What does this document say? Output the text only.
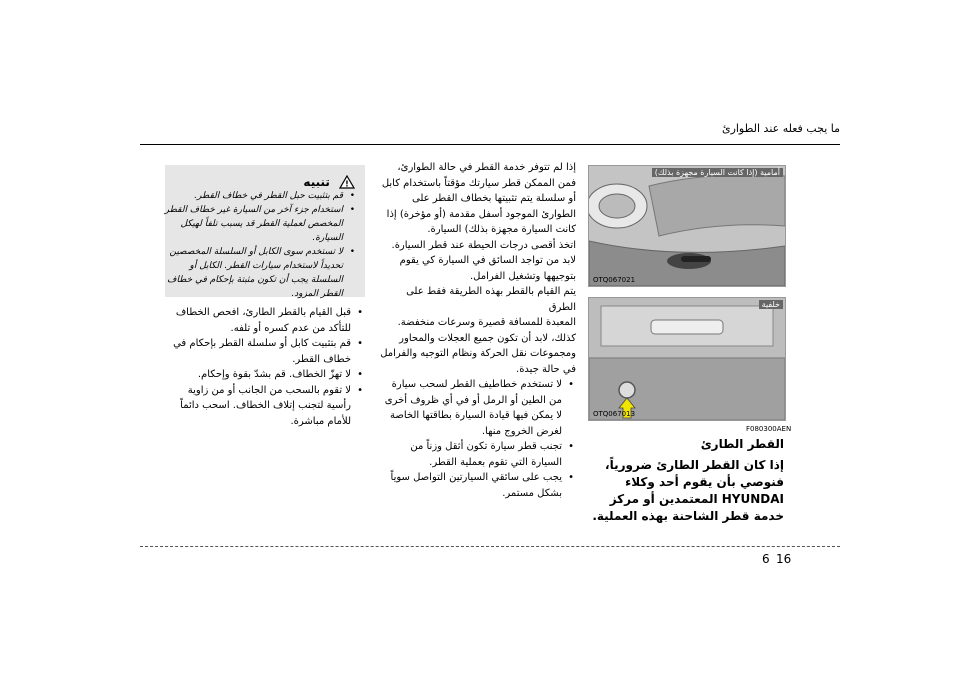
ما يجب فعله عند الطوارئ

إذا لم تتوفر خدمة القطر في حالة الطوارئ،

فمن الممكن قطر سيارتك مؤقتاً باستخدام كابل

أو سلسلة يتم تثبيتها بخطاف القطر على

الطوارئ الموجود أسفل مقدمة (أو مؤخرة) إذا

كانت السيارة مجهزة بذلك) السيارة.

اتخذ أقصى درجات الحيطة عند قطر السيارة.

لابد من تواجد السائق في السيارة كي يقوم

بتوجيهها وتشغيل الفرامل.

يتم القيام بالقطر بهذه الطريقة فقط على الطرق

المعبدة للمسافة قصيرة وسرعات منخفضة.

كذلك، لابد أن تكون جميع العجلات والمحاور

ومجموعات نقل الحركة ونظام التوجيه والفرامل

في حالة جيدة.

• لا تستخدم خطاطيف القطر لسحب سيارة من الطين أو الرمل أو في أي ظروف أخرى لا يمكن فيها قيادة السيارة بطاقتها الخاصة لغرض الخروج منها.
• تجنب قطر سيارة تكون أثقل وزناً من السيارة التي تقوم بعملية القطر.
• يجب على سائقي السيارتين التواصل سوياً بشكل مستمر.
تنبيه !
• قم بتثبيت حبل القطر في خطاف القطر.
• استخدام جزء آخر من السيارة غير خطاف القطر المخصص لعملية القطر قد يسبب تلفاً لهيكل السيارة.
• لا تستخدم سوى الكابل أو السلسلة المخصصين تحديداً لاستخدام سيارات القطر. الكابل أو السلسلة يجب أن تكون مثبتة بإحكام في خطاف القطر المزود.
• قبل القيام بالقطر الطارئ، افحص الخطاف للتأكد من عدم كسره أو تلفه.
• قم بتثبيت كابل أو سلسلة القطر بإحكام في خطاف القطر.
• لا تهزّ الخطاف. قم بشدّ بقوة وإحكام.
• لا تقوم بالسحب من الجانب أو من زاوية رأسية لتجنب إتلاف الخطاف. اسحب دائماً للأمام مباشرة.
أمامية (إذا كانت السيارة مجهزة بذلك)
OTQ067021
خلفية
OTQ067013
F080300AEN
القطر الطارئ
إذا كان القطر الطارئ ضرورياً، فنوصي بأن يقوم أحد وكلاء HYUNDAI المعتمدين أو مركز خدمة قطر الشاحنة بهذه العملية.
6 16
